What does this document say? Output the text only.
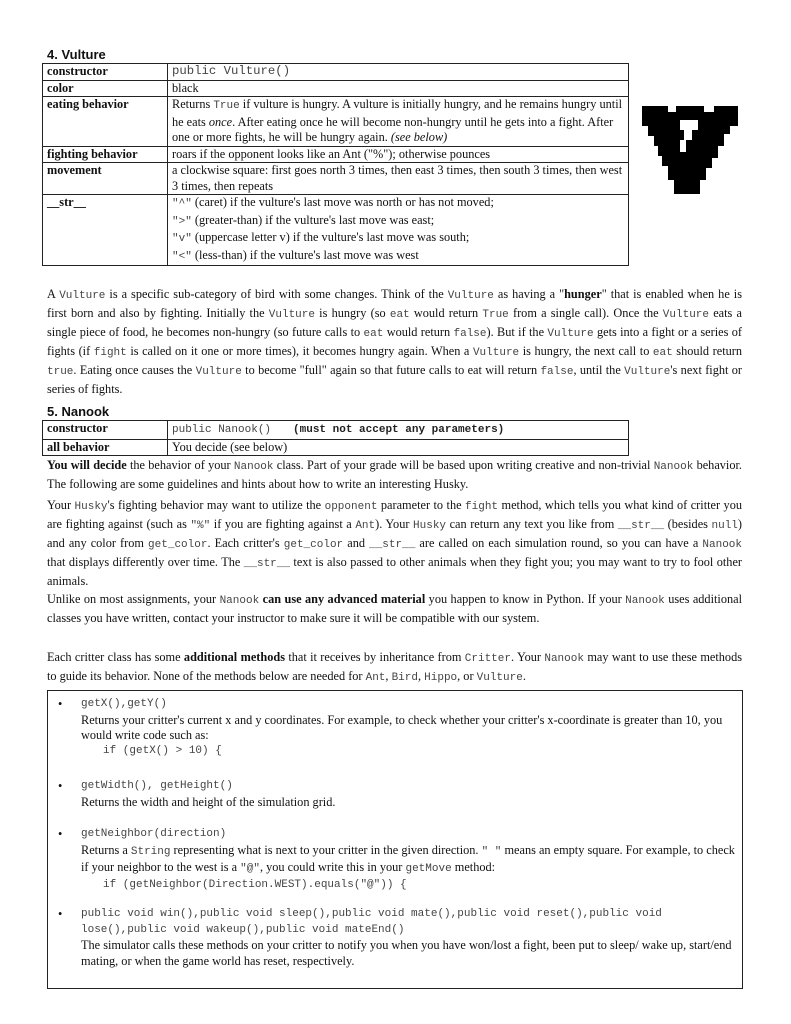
4. Vulture
constructor	public Vulture()
color	black
eating behavior	Returns True if vulture is hungry. A vulture is initially hungry, and he remains hungry until he eats once. After eating once he will become non-hungry until he gets into a fight. After one or more fights, he will be hungry again. (see below)
fighting behavior	roars if the opponent looks like an Ant ("%"); otherwise pounces
movement	a clockwise square: first goes north 3 times, then east 3 times, then south 3 times, then west 3 times, then repeats
__str__	"^" (caret) if the vulture's last move was north or has not moved;
">" (greater-than) if the vulture's last move was east;
"v" (uppercase letter v) if the vulture's last move was south;
"<" (less-than) if the vulture's last move was west
A Vulture is a specific sub-category of bird with some changes. Think of the Vulture as having a "hunger" that is enabled when he is first born and also by fighting. Initially the Vulture is hungry (so eat would return True from a single call). Once the Vulture eats a single piece of food, he becomes non-hungry (so future calls to eat would return false). But if the Vulture gets into a fight or a series of fights (if fight is called on it one or more times), it becomes hungry again. When a Vulture is hungry, the next call to eat should return true. Eating once causes the Vulture to become "full" again so that future calls to eat will return false, until the Vulture's next fight or series of fights.
5. Nanook
constructor	public Nanook() (must not accept any parameters)
all behavior	You decide (see below)
You will decide the behavior of your Nanook class. Part of your grade will be based upon writing creative and non-trivial Nanook behavior. The following are some guidelines and hints about how to write an interesting Husky.
Your Husky's fighting behavior may want to utilize the opponent parameter to the fight method, which tells you what kind of critter you are fighting against (such as "%" if you are fighting against a Ant). Your Husky can return any text you like from __str__ (besides null) and any color from get_color. Each critter's get_color and __str__ are called on each simulation round, so you can have a Nanook that displays differently over time. The __str__ text is also passed to other animals when they fight you; you may want to try to fool other animals.
Unlike on most assignments, your Nanook can use any advanced material you happen to know in Python. If your Nanook uses additional classes you have written, contact your instructor to make sure it will be compatible with our system.
Each critter class has some additional methods that it receives by inheritance from Critter. Your Nanook may want to use these methods to guide its behavior. None of the methods below are needed for Ant, Bird, Hippo, or Vulture.
• getX(),getY()
Returns your critter's current x and y coordinates. For example, to check whether your critter's x-coordinate is greater than 10, you would write code such as:
if (getX() > 10) {
• getWidth(), getHeight()
Returns the width and height of the simulation grid.
• getNeighbor(direction)
Returns a String representing what is next to your critter in the given direction. " " means an empty square. For example, to check if your neighbor to the west is a "@", you could write this in your getMove method:
if (getNeighbor(Direction.WEST).equals("@")) {
• public void win(),public void sleep(),public void mate(),public void reset(),public void lose(),public void wakeup(),public void mateEnd()
The simulator calls these methods on your critter to notify you when you have won/lost a fight, been put to sleep/ wake up, start/end mating, or when the game world has reset, respectively.
